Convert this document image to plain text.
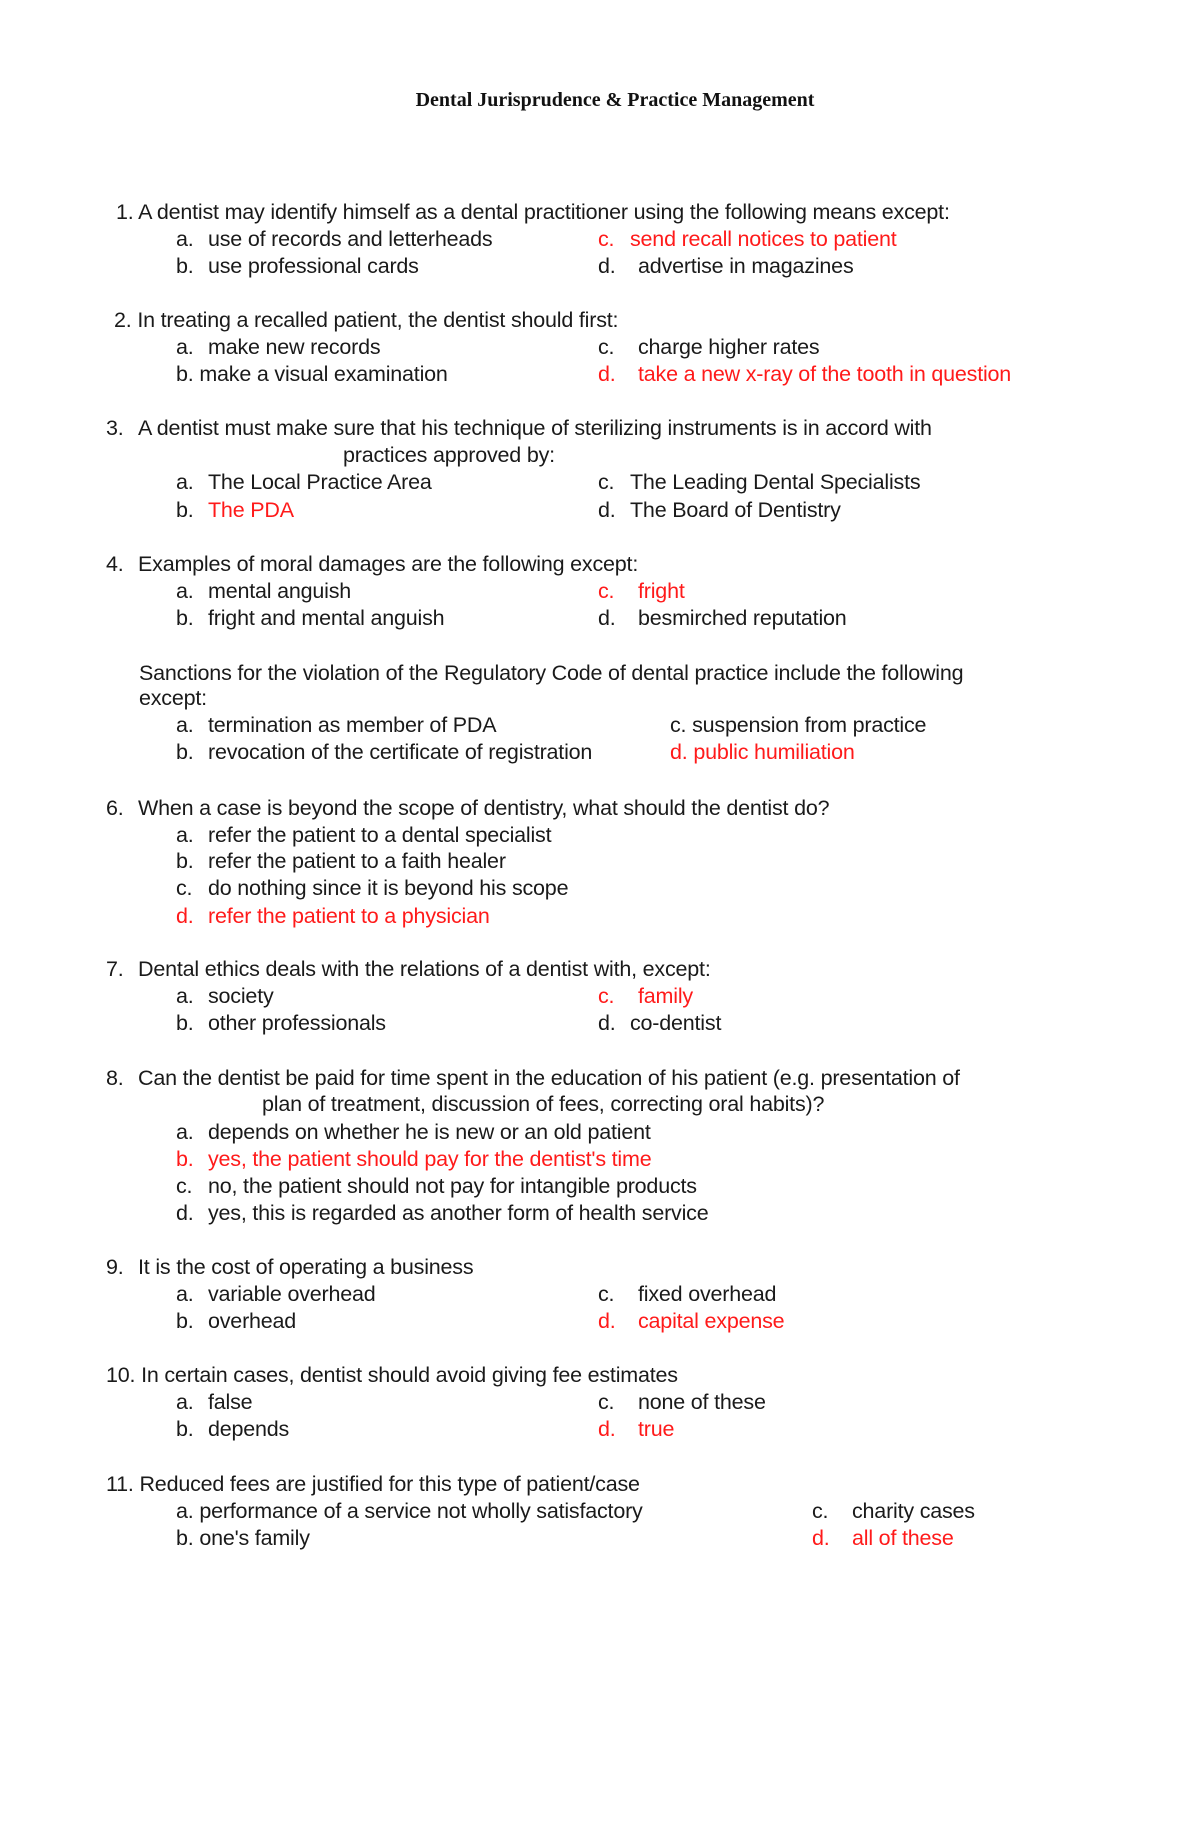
Dental Jurisprudence & Practice Management
1. A dentist may identify himself as a dental practitioner using the following means except:
a. use of records and letterheads
b. use professional cards
c. send recall notices to patient
d. advertise in magazines
2. In treating a recalled patient, the dentist should first:
a. make new records
b. make a visual examination
c. charge higher rates
d. take a new x-ray of the tooth in question
3. A dentist must make sure that his technique of sterilizing instruments is in accord with
practices approved by:
a. The Local Practice Area
b. The PDA
c. The Leading Dental Specialists
d. The Board of Dentistry
4. Examples of moral damages are the following except:
a. mental anguish
b. fright and mental anguish
c. fright
d. besmirched reputation
Sanctions for the violation of the Regulatory Code of dental practice include the following
except:
a. termination as member of PDA
b. revocation of the certificate of registration
c. suspension from practice
d. public humiliation
6. When a case is beyond the scope of dentistry, what should the dentist do?
a. refer the patient to a dental specialist
b. refer the patient to a faith healer
c. do nothing since it is beyond his scope
d. refer the patient to a physician
7. Dental ethics deals with the relations of a dentist with, except:
a. society
b. other professionals
c. family
d. co-dentist
8. Can the dentist be paid for time spent in the education of his patient (e.g. presentation of
plan of treatment, discussion of fees, correcting oral habits)?
a. depends on whether he is new or an old patient
b. yes, the patient should pay for the dentist's time
c. no, the patient should not pay for intangible products
d. yes, this is regarded as another form of health service
9. It is the cost of operating a business
a. variable overhead
b. overhead
c. fixed overhead
d. capital expense
10. In certain cases, dentist should avoid giving fee estimates
a. false
b. depends
c. none of these
d. true
11. Reduced fees are justified for this type of patient/case
a. performance of a service not wholly satisfactory
b. one's family
c. charity cases
d. all of these
